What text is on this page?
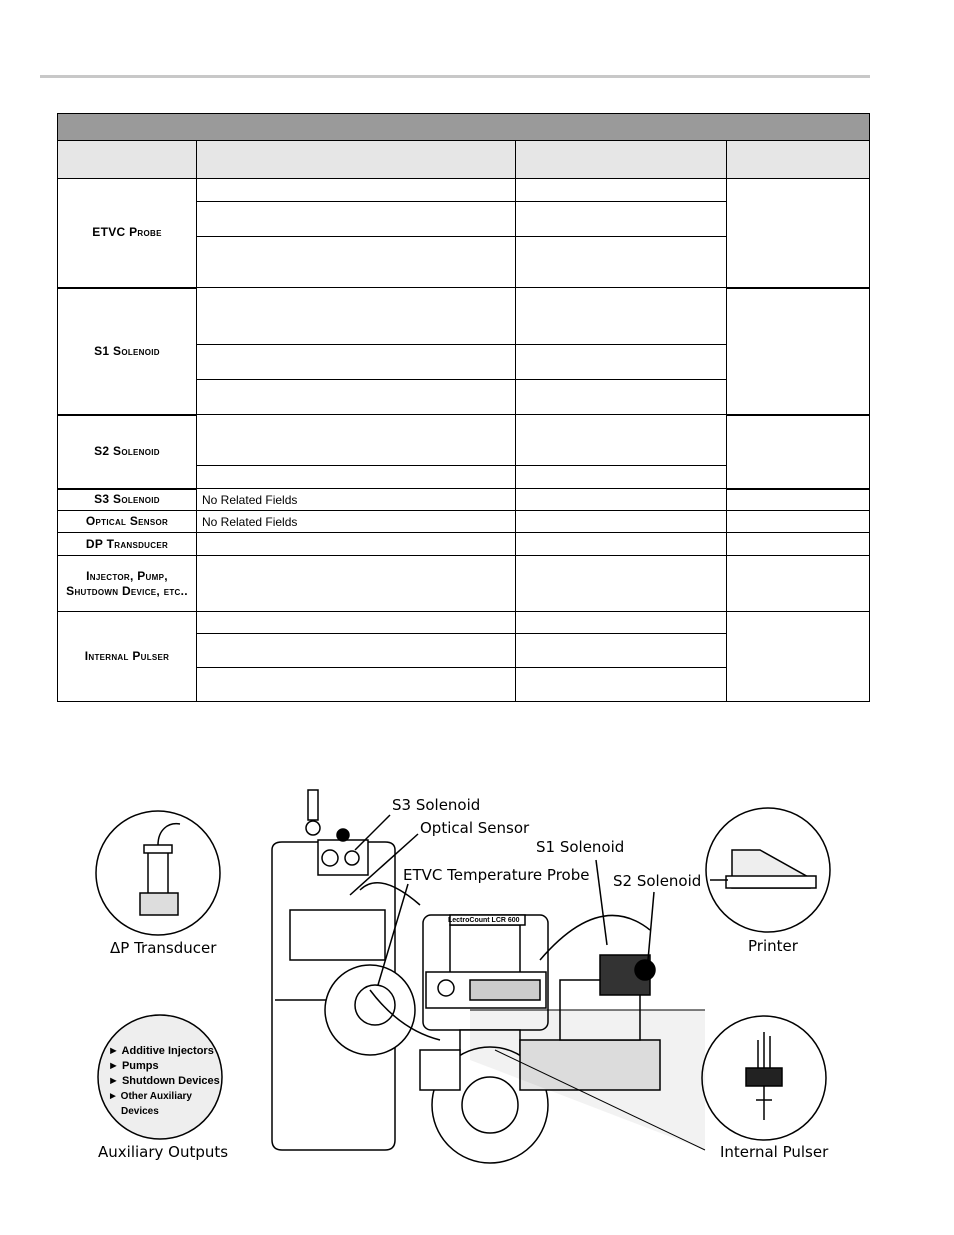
ETVC Probe			

S1 Solenoid			

S2 Solenoid			

S3 Solenoid	No Related Fields		
Optical Sensor	No Related Fields		
DP Transducer			
Injector, Pump, Shutdown Device, etc..			
Internal Pulser			

LectroCount LCR 600
S3 Solenoid
Optical Sensor
S1 Solenoid
ETVC Temperature Probe S2 Solenoid
ΔP Transducer	Printer
Auxiliary Outputs	Internal Pulser
► Additive Injectors
► Pumps
► Shutdown Devices
► Other Auxiliary
Devices
